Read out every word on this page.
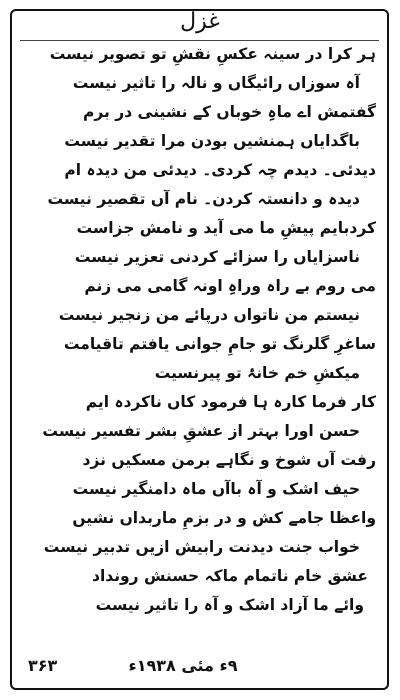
غزل
ہر کرا در سینہ عکسِ نقشِ تو تصویر نیست
آہ سوزاں رائیگاں و نالہ را تاثیر نیست
گفتمش اے ماہِ خوباں کے نشینی در برم
باگدایاں ہمنشیں بودن مرا تقدیر نیست
دیدئی۔ دیدم چہ کردی۔ دیدئی من دیدہ ام
دیدہ و دانستہ کردن۔ نام آں تقصیر نیست
کردبایم پیشِ ما می آید و نامش جزاست
ناسزایاں را سزائے کردنی تعزیر نیست
می روم بے راہ وراہِ اونہ گامی می زنم
نیستم من ناتواں درپائے من زنجیر نیست
ساغرِ گلرنگ تو جامِ جوانی یافتم تاقیامت
میکشِ خم خانۂ تو پیرنسیت
کار فرما کارہ ہا فرمود کاں ناکردہ ایم
حسن اورا بہتر از عشقِ بشر تفسیر نیست
رفت آں شوخ و نگاہے برمن مسکیں نزد
حیف اشک و آہ باآں ماہ دامنگیر نیست
واعظا جامے کش و در بزمِ ماربداں نشیں
خواب جنت دیدنت رابیش ازیں تدبیر نیست
عشق خام ناتمام ماکہ حسنش رونداد
وائے ما آزاد اشک و آہ را تاثیر نیست
۹ء مئی ۱۹۳۸ء
۳۶۳
